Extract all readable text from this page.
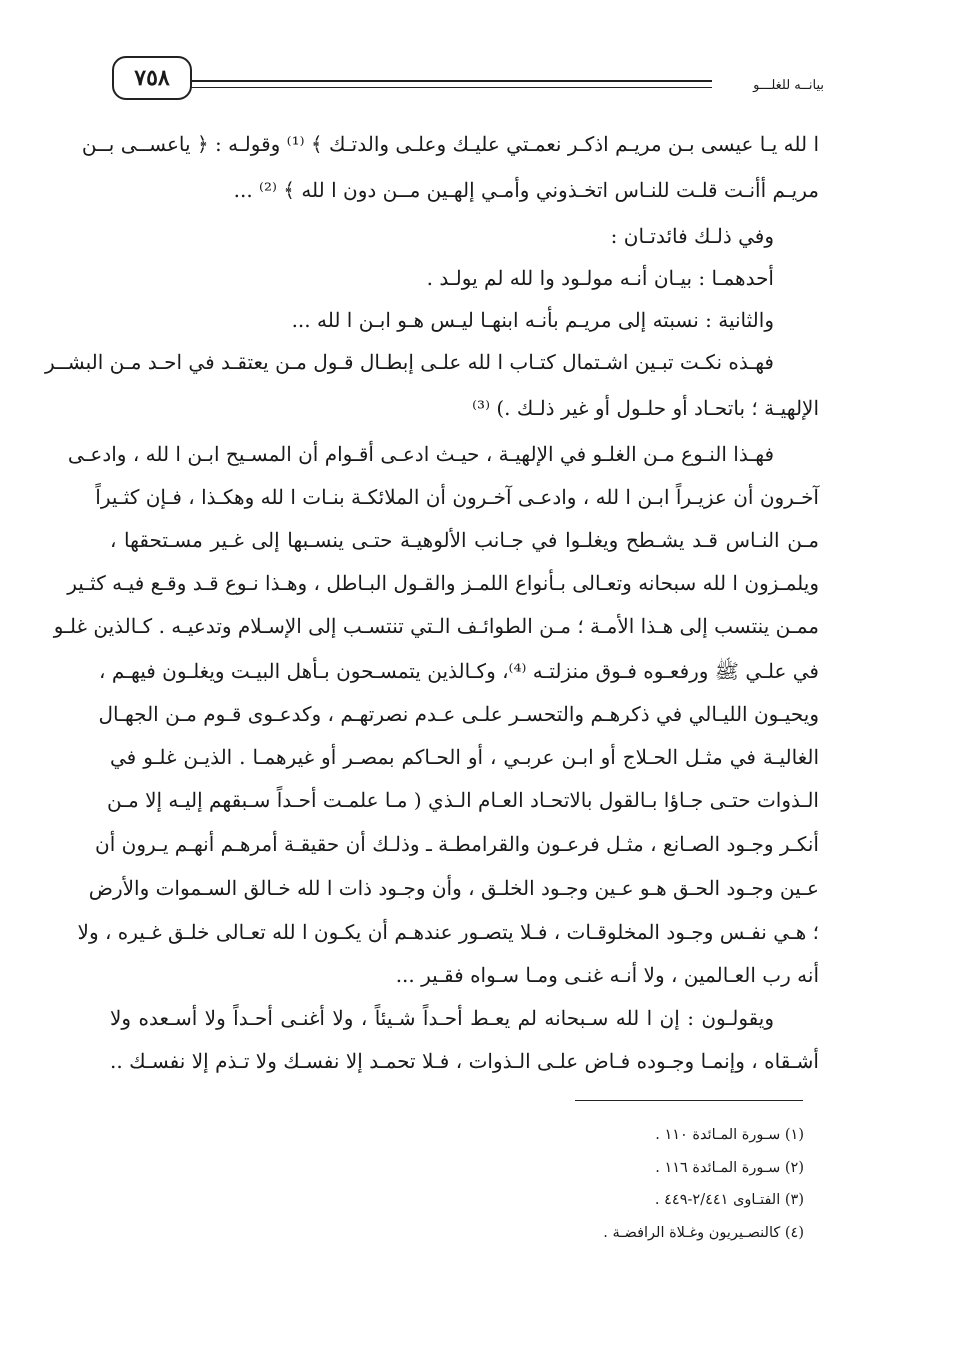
٧٥٨	بيانــه للغلـــو
ا لله يـا عيسى بـن مريـم اذكـر نعمـتي عليـك وعلـى والدتـك ﴾ ⁽¹⁾ وقولـه : ﴿ ياعســى بــن
مريـم أأنـت قلـت للنـاس اتخـذوني وأمـي إلهـين مــن دون ا لله ﴾ ⁽²⁾ ...
وفي ذلـك فائدتـان :
أحدهمـا : بيـان أنـه مولـود وا لله لم يولـد .
والثانية : نسبته إلى مريـم بأنـه ابنهـا ليـس هـو ابـن ا لله ...
فهـذه نكـت تبـين اشـتمال كتـاب ا لله علـى إبطـال قـول مـن يعتقـد في احـد مـن البشــر
الإلهيـة ؛ باتحـاد أو حلـول أو غير ذلـك .) ⁽³⁾
فهـذا النـوع مـن الغلـو في الإلهيـة ، حيـث ادعـى أقـوام أن المسـيح ابـن ا لله ، وادعـى
آخـرون أن عزيـراً ابـن ا لله ، وادعـى آخـرون أن الملائكـة بنـات ا لله وهكـذا ، فـإن كثـيراً
مـن النـاس قـد يشـطح ويغلـوا في جـانب الألوهيـة حتـى ينسـبها إلى غـير مسـتحقها ،
ويلمـزون ا لله سبحانه وتعـالى بـأنواع اللمـز والقـول البـاطل ، وهـذا نـوع قـد وقـع فيـه كثـير
ممـن ينتسب إلى هـذا الأمـة ؛ مـن الطوائـف الـتي تنتسـب إلى الإسـلام وتدعيـه . كـالذين غلـو
في علـي ﷺ ورفعـوه فـوق منزلتـه ⁽⁴⁾، وكـالذين يتمسـحون بـأهل البيـت ويغلـون فيهـم ،
ويحيـون الليـالي في ذكرهـم والتحسـر علـى عـدم نصرتهـم ، وكدعـوى قـوم مـن الجهـال
الغاليـة في مثـل الحـلاج أو ابـن عربـي ، أو الحـاكم بمصـر أو غيرهمـا . الذيـن غلـو في
الـذوات حتـى جـاؤا بـالقول بالاتحـاد العـام الـذي ( مـا علمـت أحـداً سـبقهم إليـه إلا مـن
أنكـر وجـود الصـانع ، مثـل فرعـون والقرامطـة ـ وذلـك أن حقيقـة أمرهـم أنهـم يـرون أن
عـين وجـود الحـق هـو عـين وجـود الخلـق ، وأن وجـود ذات ا لله خـالق السـموات والأرض
؛ هـي نفـس وجـود المخلوقـات ، فـلا يتصـور عندهـم أن يكـون ا لله تعـالى خلـق غـيره ، ولا
أنه رب العـالمين ، ولا أنـه غنـى ومـا سـواه فقـير ...
ويقولـون : إن ا لله سـبحانه لم يعـط أحـداً شـيئاً ، ولا أغنـى أحـداً ولا أسـعده ولا
أشـقاه ، وإنمـا وجـوده فـاض علـى الـذوات ، فـلا تحمـد إلا نفسـك ولا تـذم إلا نفسـك ..
(١) سـورة المـائدة ١١٠ .
(٢) سـورة المـائدة ١١٦ .
(٣) الفتـاوى ٢/٤٤١-٤٤٩ .
(٤) كالنصـيريون وغـلاة الرافضـة .
